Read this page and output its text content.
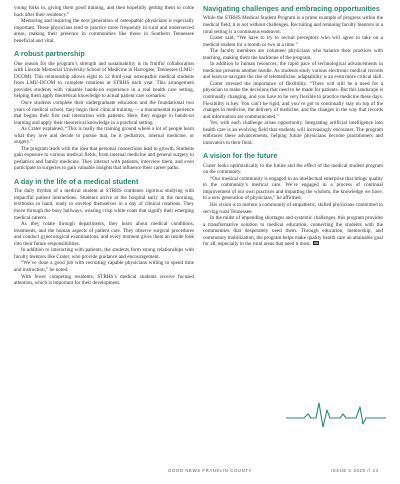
young folks in, giving them good training, and then hopefully getting them to come back after their residency.”

Mentoring and inspiring the next generation of osteopathic physicians is especially important. These physicians tend to practice more frequently in rural and underserved areas, making their presence in communities like those in Southern Tennessee beneficial and vital.

A robust partnership

One reason for the program’s strength and sustainability is its fruitful collaboration with Lincoln Memorial University School of Medicine in Harrogate, Tennessee (LMU-DCOM). This relationship allows eight to 12 third-year osteopathic medical students from LMU-DCOM to complete rotations at STRHS each year. This arrangement provides students with valuable hands-on experience in a real health care setting, helping them apply theoretical knowledge to actual patient care scenarios.

Once students complete their undergraduate education and the foundational two years of medical school, they begin their clinical training — a monumental experience that begins their first real interaction with patients. Here, they engage in hands-on learning and apply their theoretical knowledge in a practical setting.

As Crater explained, “This is really the training ground where a lot of people learn what they love and decide to pursue that, be it pediatrics, internal medicine, or surgery.”

The program leads with the idea that personal connections lead to growth. Students gain exposure to various medical fields, from internal medicine and general surgery to pediatrics and family medicine. They interact with patients, interview them, and even participate in surgeries to gain valuable insights that influence their career paths.

A day in the life of a medical student

The daily rhythm of a medical student at STRHS combines rigorous studying with impactful patient interactions. Students arrive at the hospital early in the morning, textbooks in hand, ready to envelop themselves in a day of clinical rotations. They move through the busy hallways, wearing crisp white coats that signify their emerging medical careers.

As they rotate through departments, they learn about medical conditions, treatments, and the human aspects of patient care. They observe surgical procedures and conduct gynecological examinations, and every moment gives them an inside look into their future responsibilities.

In addition to interacting with patients, the students form strong relationships with faculty mentors like Crater, who provide guidance and encouragement.

“We’ve done a good job with recruiting capable physicians willing to spend time and instruction,” he noted.

With fewer competing residents, STRHS’s medical students receive focused attention, which is important for their development.

Navigating challenges and embracing opportunities

While the STRHS Medical Student Program is a prime example of progress within the medical field, it is not without challenges. Recruiting and retaining faculty mentors in a rural setting is a continuous endeavor.

Crater said, “We have to try to recruit preceptors who will agree to take on a medical student for a month or two at a time.”

The faculty members are volunteer physicians who balance their practices with teaching, making them the backbone of the program.

In addition to human resources, the rapid pace of technological advancements in medicine presents another hurdle. As students study various electronic medical records and learn to navigate the rise of telemedicine, adaptability is an even more critical skill.

Crater stressed the importance of flexibility. “There will still be a need for a physician to make the decisions that need to be made for patients. But this landscape is continually changing, and you have to be very flexible to practice medicine these days. Flexibility is key. You can’t be rigid, and you’ve got to continually stay on top of the changes in medicine, the delivery of medicine, and the changes in the way that records and information are communicated.”

Yet, with each challenge arises opportunity. Integrating artificial intelligence into health care is an evolving field that students will increasingly encounter. The program embraces these advancements, helping future physicians become practitioners and innovators in their field.

A vision for the future

Crater looks optimistically to the future and the effect of the medical student program on the community.

“Our medical community is engaged in an intellectual enterprise that brings quality to the community’s medical care. We’re engaged in a process of continual improvement of our own practices and imparting the wisdom, the knowledge we have, to a new generation of physicians,” he affirmed.

His vision is to nurture a community of empathetic, skilled physicians committed to serving rural Tennessee.

In the midst of impending shortages and systemic challenges, this program provides a transformative solution to medical education, connecting the students with the communities that desperately need them. Through education, mentorship, and community mobilization, the program helps make quality health care an attainable goal for all, especially in the rural areas that need it most. GN

GOOD NEWS FRANKLIN COUNTY	ISSUE 1 2025 // 24
